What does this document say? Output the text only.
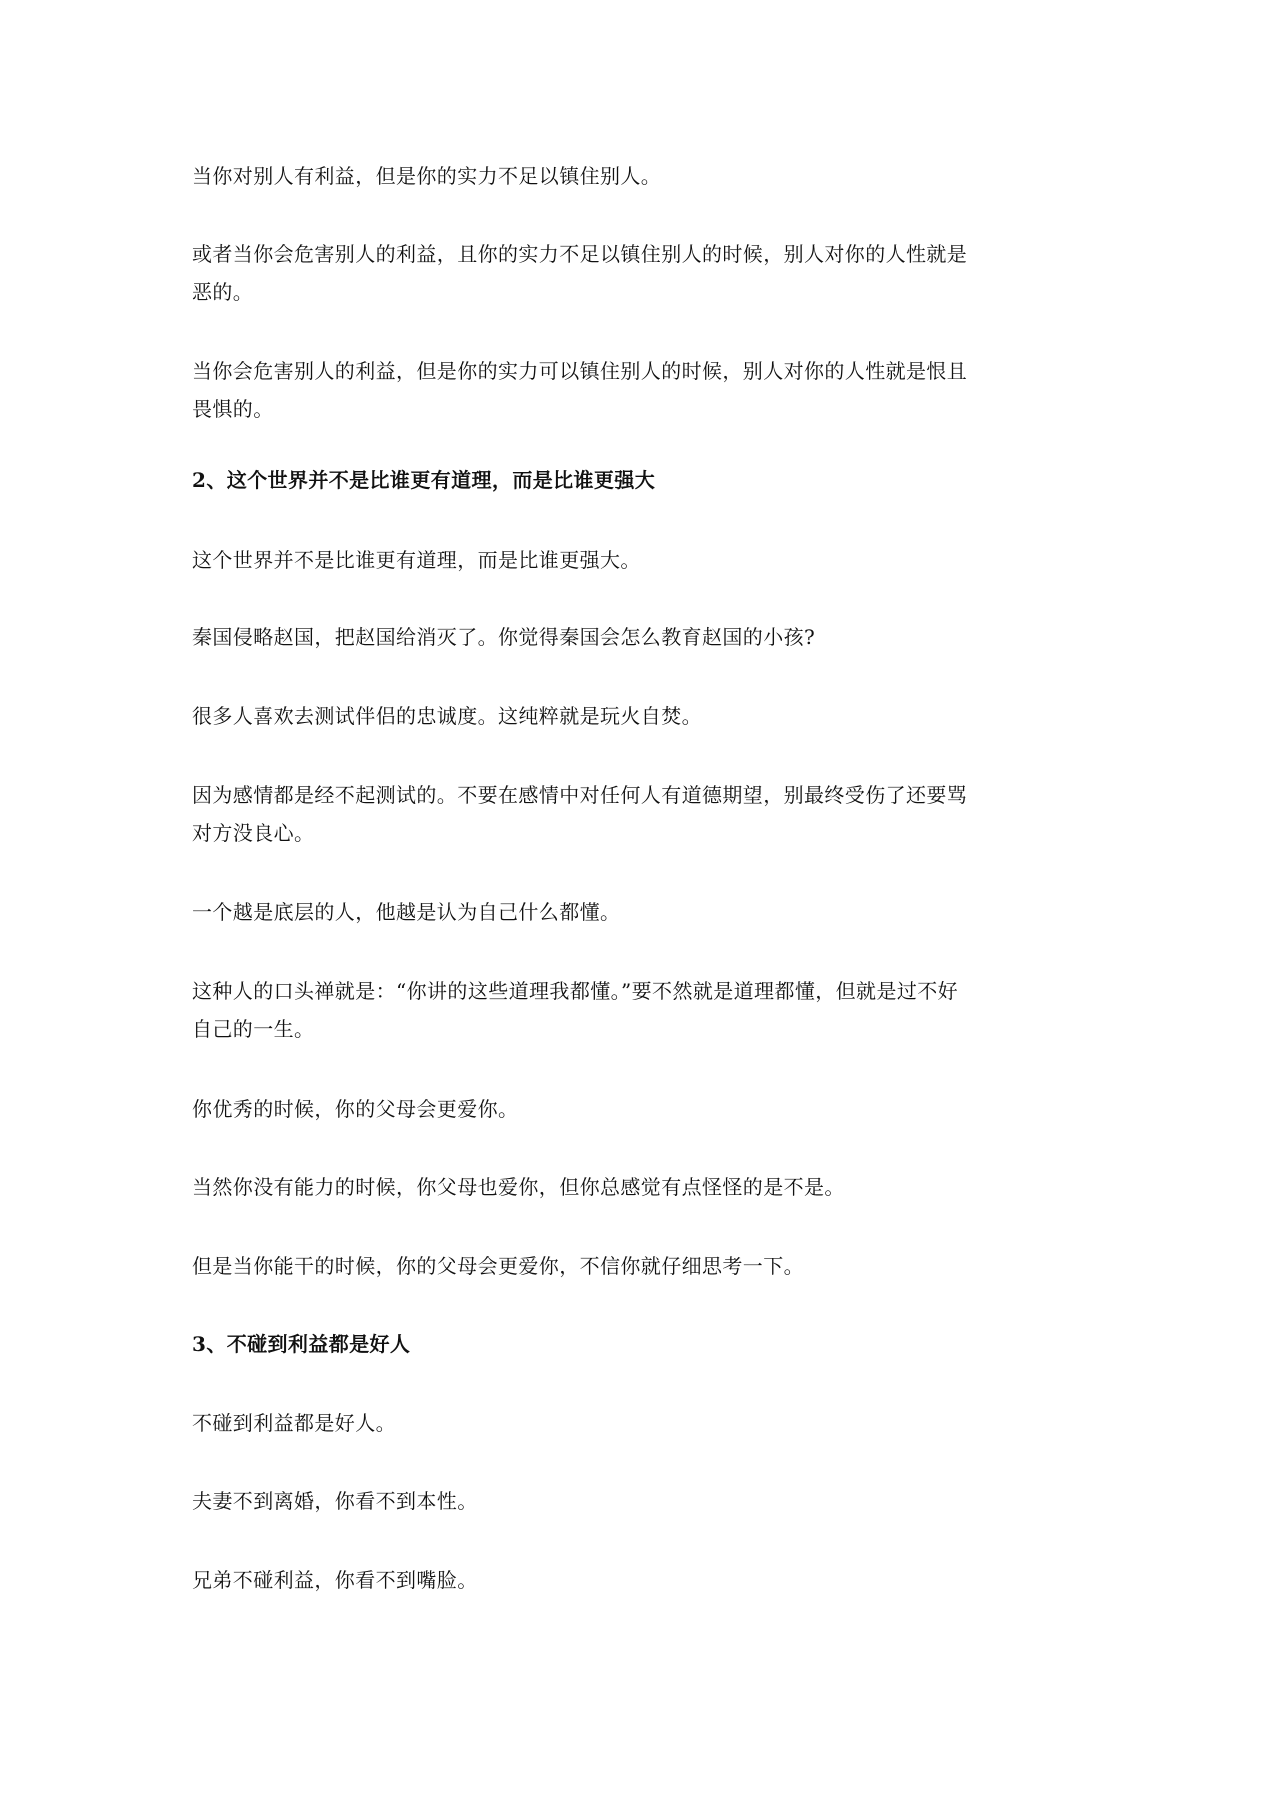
当你对别人有利益，但是你的实力不足以镇住别人。

或者当你会危害别人的利益，且你的实力不足以镇住别人的时候，别人对你的人性就是
恶的。

当你会危害别人的利益，但是你的实力可以镇住别人的时候，别人对你的人性就是恨且
畏惧的。

2、这个世界并不是比谁更有道理，而是比谁更强大

这个世界并不是比谁更有道理，而是比谁更强大。

秦国侵略赵国，把赵国给消灭了。你觉得秦国会怎么教育赵国的小孩?

很多人喜欢去测试伴侣的忠诚度。这纯粹就是玩火自焚。

因为感情都是经不起测试的。不要在感情中对任何人有道德期望，别最终受伤了还要骂
对方没良心。

一个越是底层的人，他越是认为自己什么都懂。

这种人的口头禅就是：“你讲的这些道理我都懂。”要不然就是道理都懂，但就是过不好
自己的一生。

你优秀的时候，你的父母会更爱你。

当然你没有能力的时候，你父母也爱你，但你总感觉有点怪怪的是不是。

但是当你能干的时候，你的父母会更爱你，不信你就仔细思考一下。

3、不碰到利益都是好人

不碰到利益都是好人。

夫妻不到离婚，你看不到本性。

兄弟不碰利益，你看不到嘴脸。
